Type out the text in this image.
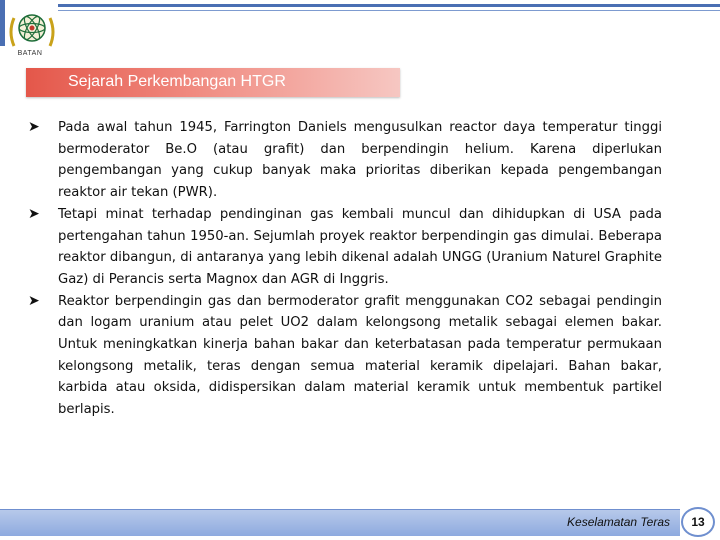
BATAN
Sejarah Perkembangan HTGR
➤ Pada awal tahun 1945, Farrington Daniels mengusulkan reactor daya temperatur tinggi bermoderator Be.O (atau grafit) dan berpendingin helium. Karena diperlukan pengembangan yang cukup banyak maka prioritas diberikan kepada pengembangan reaktor air tekan (PWR).
➤ Tetapi minat terhadap pendinginan gas kembali muncul dan dihidupkan di USA pada pertengahan tahun 1950-an. Sejumlah proyek reaktor berpendingin gas dimulai. Beberapa reaktor dibangun, di antaranya yang lebih dikenal adalah UNGG (Uranium Naturel Graphite Gaz) di Perancis serta Magnox dan AGR di Inggris.
➤ Reaktor berpendingin gas dan bermoderator grafit menggunakan CO2 sebagai pendingin dan logam uranium atau pelet UO2 dalam kelongsong metalik sebagai elemen bakar. Untuk meningkatkan kinerja bahan bakar dan keterbatasan pada temperatur permukaan kelongsong metalik, teras dengan semua material keramik dipelajari. Bahan bakar, karbida atau oksida, didispersikan dalam material keramik untuk membentuk partikel berlapis.
Keselamatan Teras	13
